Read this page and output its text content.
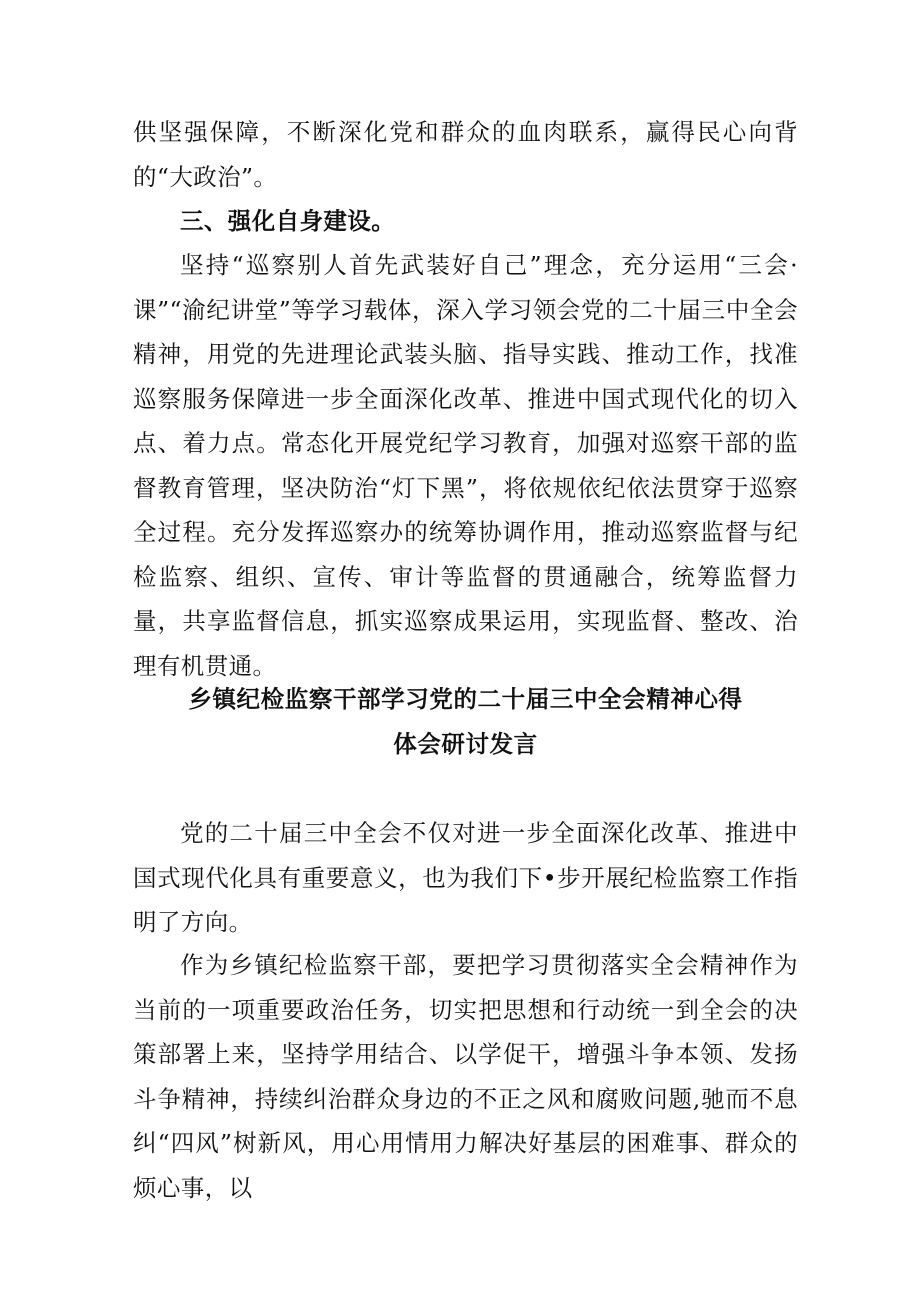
供坚强保障，不断深化党和群众的血肉联系，赢得民心向背的“大政治”。

三、强化自身建设。

坚持“巡察别人首先武装好自己”理念，充分运用“三会·课”“渝纪讲堂”等学习载体，深入学习领会党的二十届三中全会精神，用党的先进理论武装头脑、指导实践、推动工作，找准巡察服务保障进一步全面深化改革、推进中国式现代化的切入点、着力点。常态化开展党纪学习教育，加强对巡察干部的监督教育管理，坚决防治“灯下黑”，将依规依纪依法贯穿于巡察全过程。充分发挥巡察办的统筹协调作用，推动巡察监督与纪检监察、组织、宣传、审计等监督的贯通融合，统筹监督力量，共享监督信息，抓实巡察成果运用，实现监督、整改、治理有机贯通。

乡镇纪检监察干部学习党的二十届三中全会精神心得
体会研讨发言

党的二十届三中全会不仅对进一步全面深化改革、推进中国式现代化具有重要意义，也为我们下•步开展纪检监察工作指明了方向。

作为乡镇纪检监察干部，要把学习贯彻落实全会精神作为当前的一项重要政治任务，切实把思想和行动统一到全会的决策部署上来，坚持学用结合、以学促干，增强斗争本领、发扬斗争精神，持续纠治群众身边的不正之风和腐败问题,驰而不息纠“四风”树新风，用心用情用力解决好基层的困难事、群众的烦心事，以
